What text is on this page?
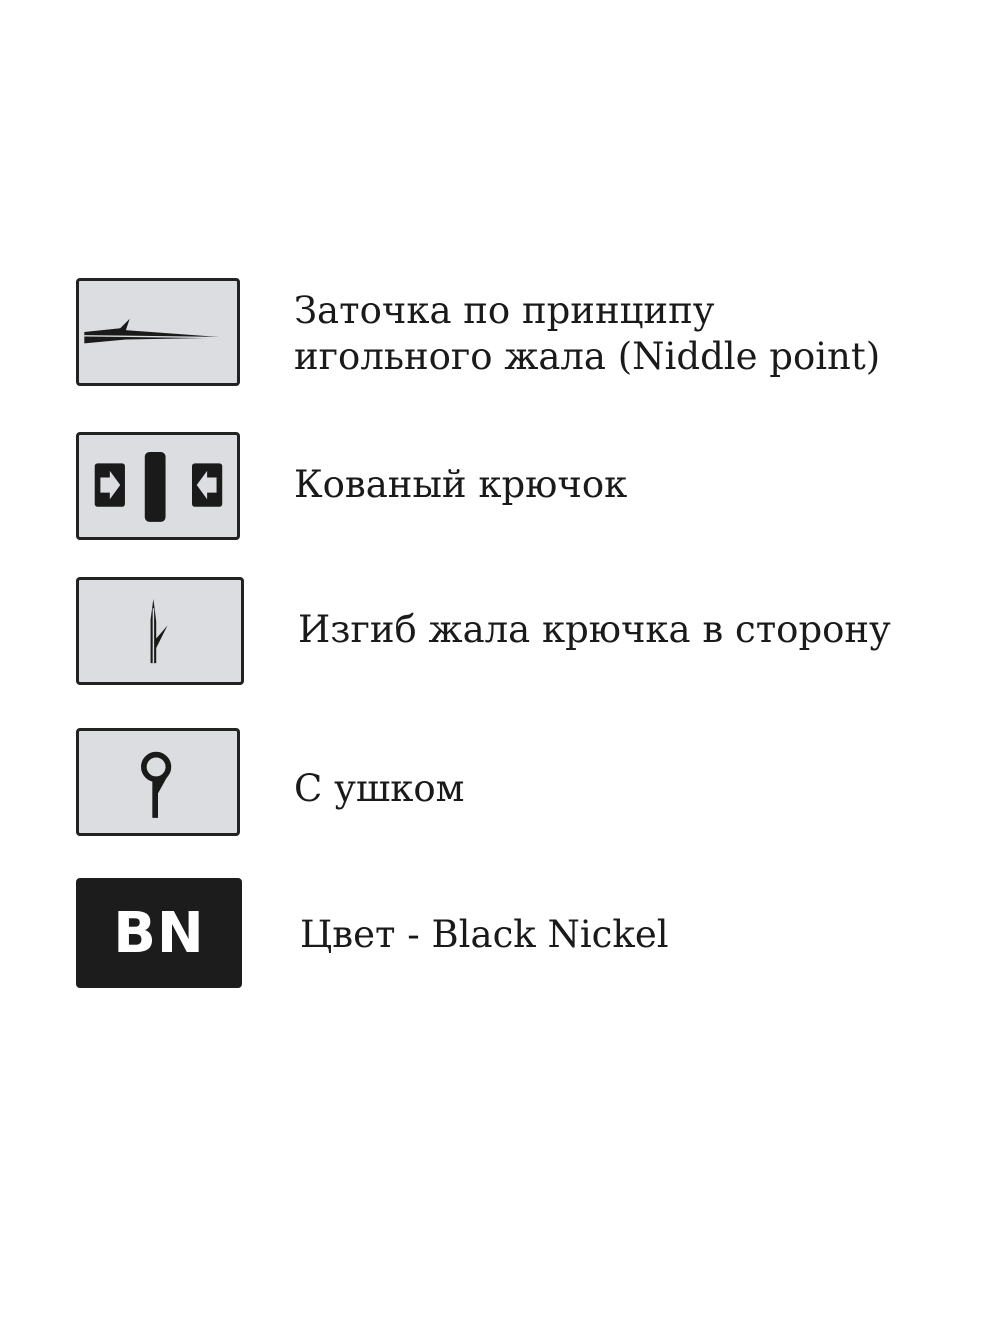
Заточка по принципу
игольного жала (Niddle point)
Кованый крючок
Изгиб жала крючка в сторону
С ушком
BN	Цвет - Black Nickel
